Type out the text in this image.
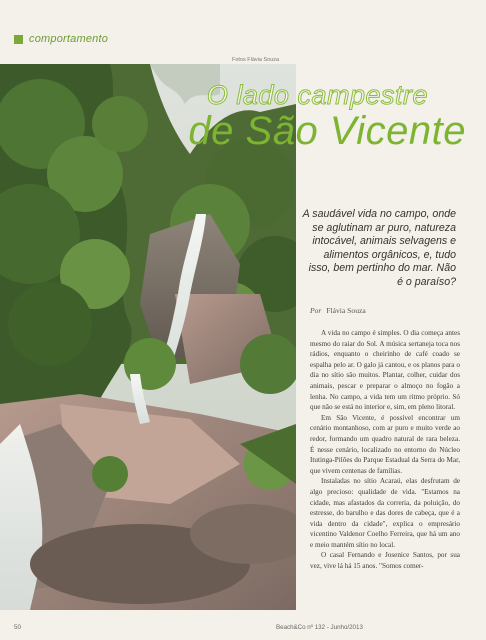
comportamento
Fotos Flávia Souza
O lado campestre
de São Vicente
A saudável vida no campo, onde se aglutinam ar puro, natureza intocável, animais selvagens e alimentos orgânicos, e, tudo isso, bem pertinho do mar. Não é o paraíso?
Por Flávia Souza

A vida no campo é simples. O dia começa antes mesmo do raiar do Sol. A música sertaneja toca nos rádios, enquanto o cheirinho de café coado se espalha pelo ar. O galo já cantou, e os planos para o dia no sítio são muitos. Plantar, colher, cuidar dos animais, pescar e preparar o almoço no fogão a lenha. No campo, a vida tem um ritmo próprio. Só que não se está no interior e, sim, em pleno litoral.

Em São Vicente, é possível encontrar um cenário montanhoso, com ar puro e muito verde ao redor, formando um quadro natural de rara beleza. É nesse cenário, localizado no entorno do Núcleo Itutinga-Pilões do Parque Estadual da Serra do Mar, que vivem centenas de famílias.

Instaladas no sítio Acaraú, elas desfrutam de algo precioso: qualidade de vida. "Estamos na cidade, mas afastados da correria, da poluição, do estresse, do barulho e das dores de cabeça, que é a vida dentro da cidade", explica o empresário vicentino Valdenor Coelho Ferreira, que há um ano e meio mantém sítio no local.

O casal Fernando e Josenice Santos, por sua vez, vive lá há 15 anos. "Somos comer-

50	Beach&Co nº 132 - Junho/2013
